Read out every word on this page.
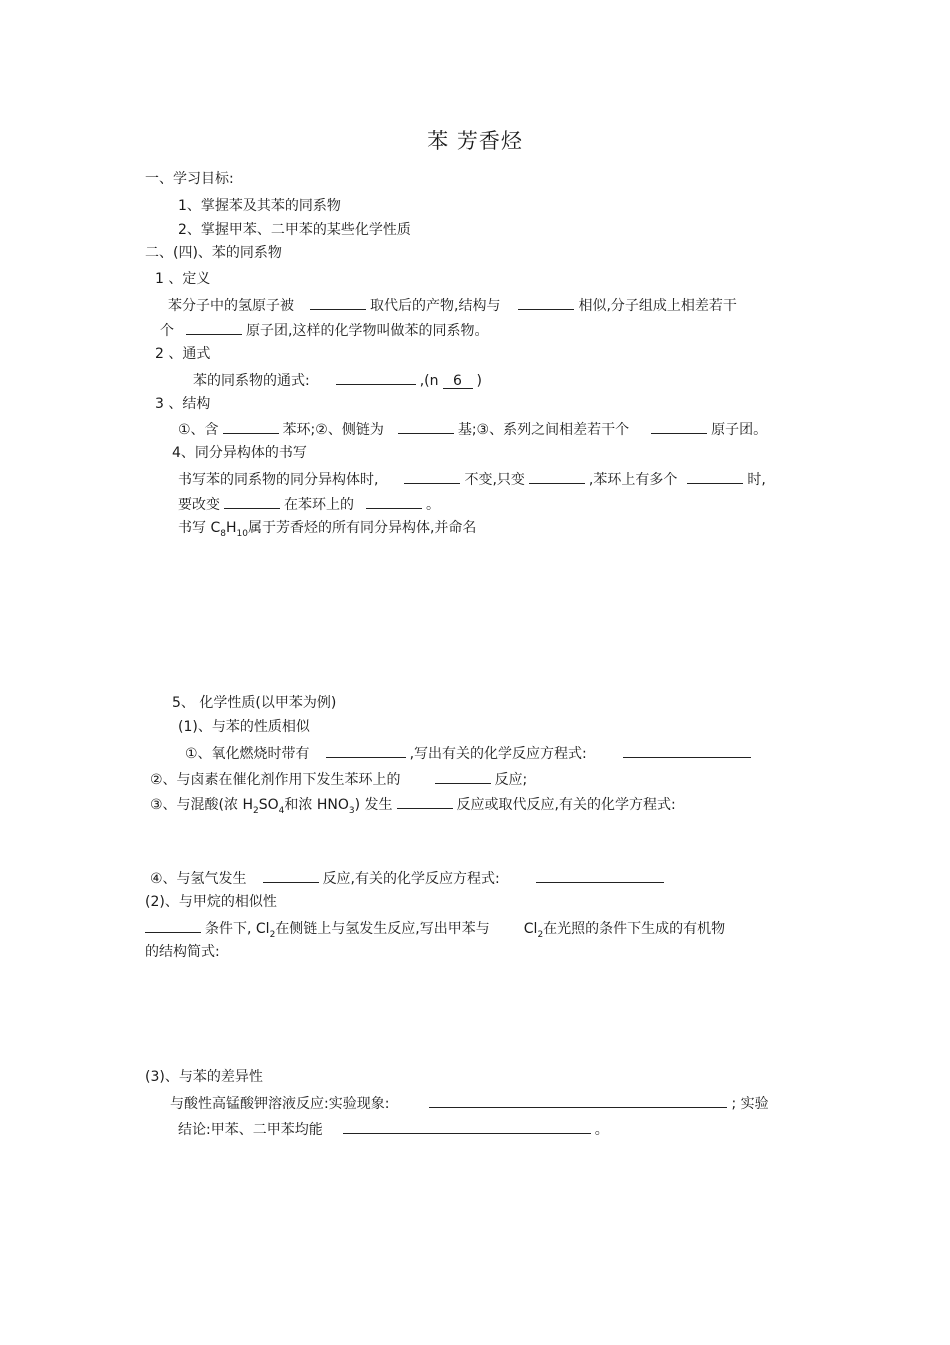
苯 芳香烃
一、学习目标:
1、掌握苯及其苯的同系物
2、掌握甲苯、二甲苯的某些化学性质
二、(四)、苯的同系物
1 、定义
苯分子中的氢原子被	取代后的产物,结构与	相似,分子组成上相差若干
个	原子团,这样的化学物叫做苯的同系物。
2 、通式
苯的同系物的通式:	,(n 6 )
3 、结构
①、含	苯环;②、侧链为	基;③、系列之间相差若干个	原子团。
4、同分异构体的书写
书写苯的同系物的同分异构体时,	不变,只变	,苯环上有多个	时,
要改变	在苯环上的	。
书写 $C_8H_{10}$属于芳香烃的所有同分异构体,并命名
5、 化学性质(以甲苯为例)
(1)、与苯的性质相似
①、氧化燃烧时带有	,写出有关的化学反应方程式:
②、与卤素在催化剂作用下发生苯环上的	反应;
③、与混酸(浓 $H_2SO_4$和浓 $HNO_3$) 发生	反应或取代反应,有关的化学方程式:
④、与氢气发生	反应,有关的化学反应方程式:
(2)、与甲烷的相似性
条件下, $Cl_2$在侧链上与氢发生反应,写出甲苯与 $Cl_2$在光照的条件下生成的有机物
的结构简式:
(3)、与苯的差异性
与酸性高锰酸钾溶液反应:实验现象:	; 实验
结论:甲苯、二甲苯均能	。
